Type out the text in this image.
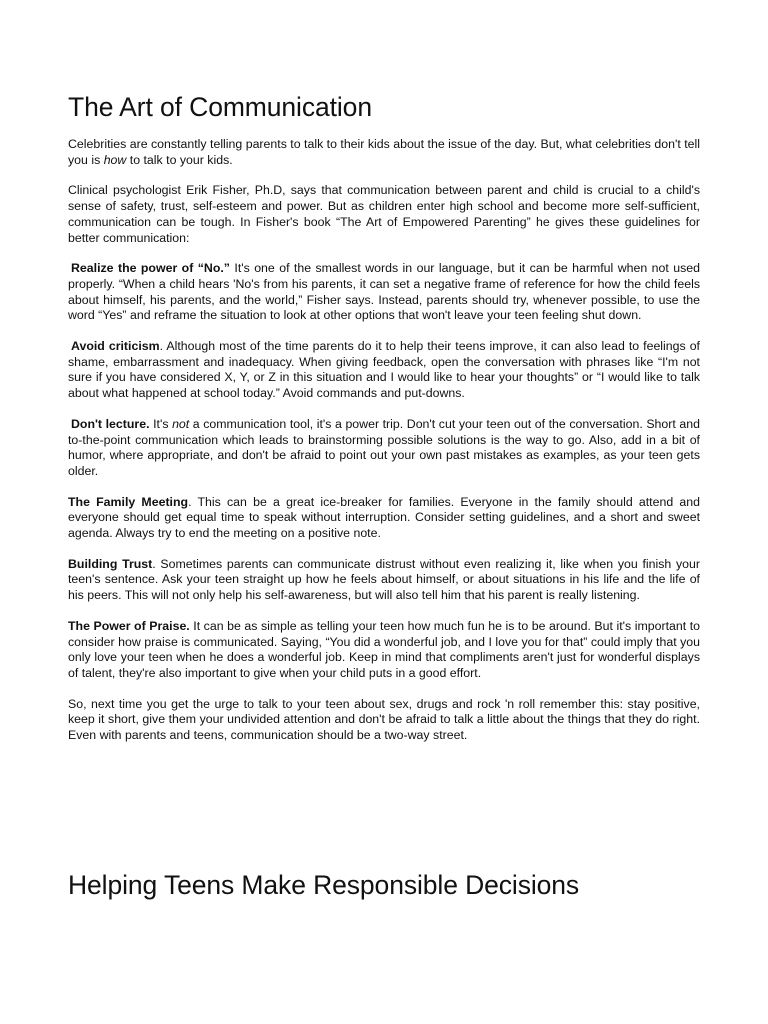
The Art of Communication

Celebrities are constantly telling parents to talk to their kids about the issue of the day. But, what celebrities don't tell you is how to talk to your kids.

Clinical psychologist Erik Fisher, Ph.D, says that communication between parent and child is crucial to a child's sense of safety, trust, self-esteem and power. But as children enter high school and become more self-sufficient, communication can be tough. In Fisher's book “The Art of Empowered Parenting” he gives these guidelines for better communication:

Realize the power of “No.” It's one of the smallest words in our language, but it can be harmful when not used properly. “When a child hears 'No's from his parents, it can set a negative frame of reference for how the child feels about himself, his parents, and the world,” Fisher says. Instead, parents should try, whenever possible, to use the word “Yes” and reframe the situation to look at other options that won't leave your teen feeling shut down.

Avoid criticism. Although most of the time parents do it to help their teens improve, it can also lead to feelings of shame, embarrassment and inadequacy. When giving feedback, open the conversation with phrases like “I'm not sure if you have considered X, Y, or Z in this situation and I would like to hear your thoughts” or “I would like to talk about what happened at school today.” Avoid commands and put-downs.

Don't lecture. It's not a communication tool, it's a power trip. Don't cut your teen out of the conversation. Short and to-the-point communication which leads to brainstorming possible solutions is the way to go. Also, add in a bit of humor, where appropriate, and don't be afraid to point out your own past mistakes as examples, as your teen gets older.

The Family Meeting. This can be a great ice-breaker for families. Everyone in the family should attend and everyone should get equal time to speak without interruption. Consider setting guidelines, and a short and sweet agenda. Always try to end the meeting on a positive note.

Building Trust. Sometimes parents can communicate distrust without even realizing it, like when you finish your teen's sentence. Ask your teen straight up how he feels about himself, or about situations in his life and the life of his peers. This will not only help his self-awareness, but will also tell him that his parent is really listening.

The Power of Praise. It can be as simple as telling your teen how much fun he is to be around. But it's important to consider how praise is communicated. Saying, “You did a wonderful job, and I love you for that” could imply that you only love your teen when he does a wonderful job. Keep in mind that compliments aren't just for wonderful displays of talent, they're also important to give when your child puts in a good effort.

So, next time you get the urge to talk to your teen about sex, drugs and rock 'n roll remember this: stay positive, keep it short, give them your undivided attention and don't be afraid to talk a little about the things that they do right. Even with parents and teens, communication should be a two-way street.

Helping Teens Make Responsible Decisions
